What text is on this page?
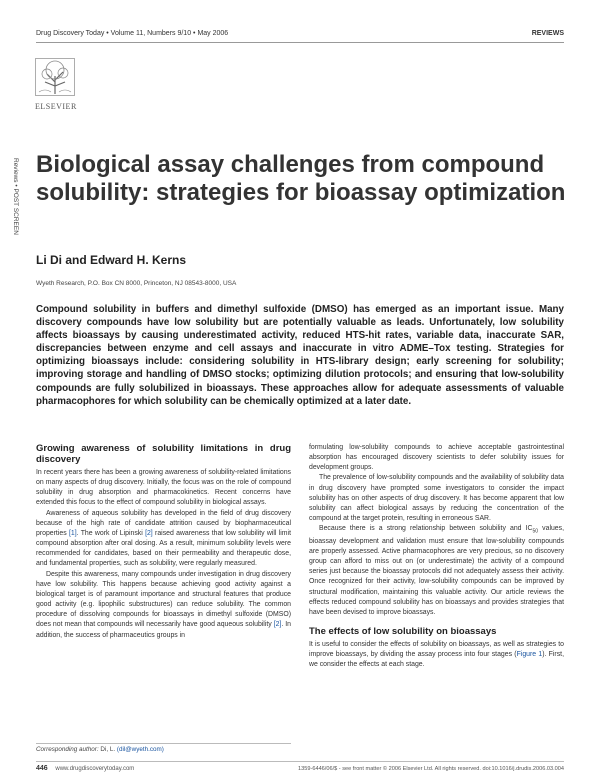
Drug Discovery Today • Volume 11, Numbers 9/10 • May 2006	REVIEWS
ELSEVIER
Reviews • POST SCREEN Biological assay challenges from compound solubility: strategies for bioassay optimization
Li Di and Edward H. Kerns
Wyeth Research, P.O. Box CN 8000, Princeton, NJ 08543-8000, USA
Compound solubility in buffers and dimethyl sulfoxide (DMSO) has emerged as an important issue. Many discovery compounds have low solubility but are potentially valuable as leads. Unfortunately, low solubility affects bioassays by causing underestimated activity, reduced HTS-hit rates, variable data, inaccurate SAR, discrepancies between enzyme and cell assays and inaccurate in vitro ADME–Tox testing. Strategies for optimizing bioassays include: considering solubility in HTS-library design; early screening for solubility; improving storage and handling of DMSO stocks; optimizing dilution protocols; and ensuring that low-solubility compounds are fully solubilized in bioassays. These approaches allow for adequate assessments of valuable pharmacophores for which solubility can be chemically optimized at a later date.
Growing awareness of solubility limitations in drug discovery

In recent years there has been a growing awareness of solubility-related limitations on many aspects of drug discovery. Initially, the focus was on the role of compound solubility in drug absorption and pharmacokinetics. Recent concerns have extended this focus to the effect of compound solubility in biological assays.

Awareness of aqueous solubility has developed in the field of drug discovery because of the high rate of candidate attrition caused by biopharmaceutical properties [1]. The work of Lipinski [2] raised awareness that low solubility will limit compound absorption after oral dosing. As a result, minimum solubility levels were recommended for candidates, based on their permeability and therapeutic dose, and fundamental properties, such as solubility, were regularly measured.

Despite this awareness, many compounds under investigation in drug discovery have low solubility. This happens because achieving good activity against a biological target is of paramount importance and structural features that produce good activity (e.g. lipophilic substructures) can reduce solubility. The common procedure of dissolving compounds for bioassays in dimethyl sulfoxide (DMSO) does not mean that compounds will necessarily have good aqueous solubility [2]. In addition, the success of pharmaceutics groups in

Corresponding author: Di, L. (dil@wyeth.com)

formulating low-solubility compounds to achieve acceptable gastrointestinal absorption has encouraged discovery scientists to defer solubility issues for development groups.

The prevalence of low-solubility compounds and the availability of solubility data in drug discovery have prompted some investigators to consider the impact solubility has on other aspects of drug discovery. It has become apparent that low solubility can affect biological assays by reducing the concentration of the compound at the target protein, resulting in erroneous SAR.

Because there is a strong relationship between solubility and $IC_{50}$ values, bioassay development and validation must ensure that low-solubility compounds are properly assessed. Active pharmacophores are very precious, so no discovery group can afford to miss out on (or underestimate) the activity of a compound series just because the bioassay protocols did not adequately assess their activity. Once recognized for their activity, low-solubility compounds can be improved by structural modification, maintaining this valuable activity. Our article reviews the effects reduced compound solubility has on bioassays and provides strategies that have been devised to improve bioassays.

The effects of low solubility on bioassays

It is useful to consider the effects of solubility on bioassays, as well as strategies to improve bioassays, by dividing the assay process into four stages (Figure 1). First, we consider the effects at each stage.

446 www.drugdiscoverytoday.com	1359-6446/06/$ - see front matter © 2006 Elsevier Ltd. All rights reserved. doi:10.1016/j.drudis.2006.03.004
